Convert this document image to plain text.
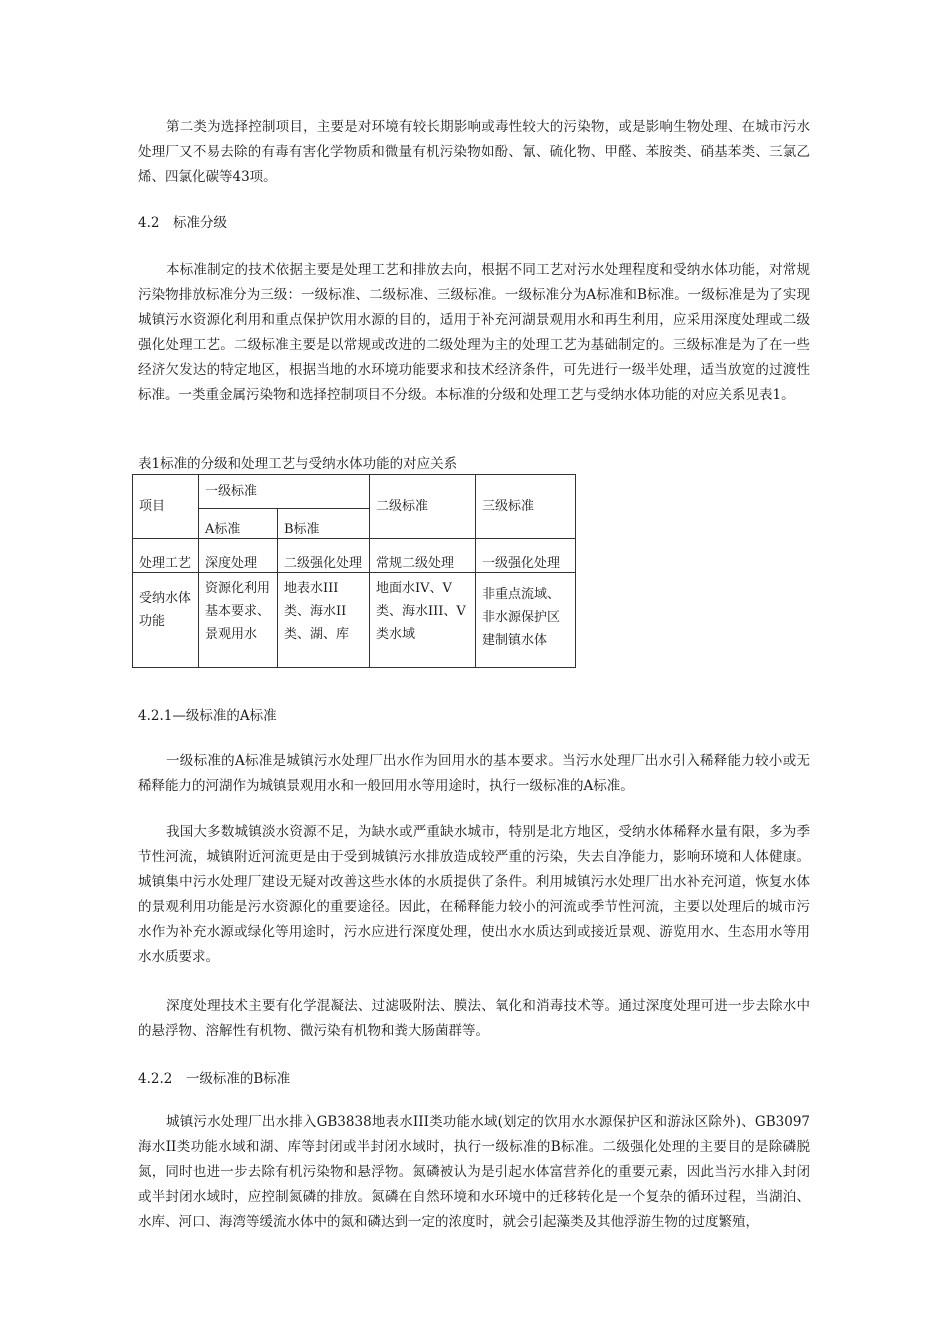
第二类为选择控制项目，主要是对环境有较长期影响或毒性较大的污染物，或是影响生物处理、在城市污水处理厂又不易去除的有毒有害化学物质和微量有机污染物如酚、氰、硫化物、甲醛、苯胺类、硝基苯类、三氯乙烯、四氯化碳等43项。

4.2　标准分级

本标准制定的技术依据主要是处理工艺和排放去向，根据不同工艺对污水处理程度和受纳水体功能，对常规污染物排放标准分为三级：一级标准、二级标准、三级标准。一级标准分为A标准和B标准。一级标准是为了实现城镇污水资源化利用和重点保护饮用水源的目的，适用于补充河湖景观用水和再生利用，应采用深度处理或二级强化处理工艺。二级标准主要是以常规或改进的二级处理为主的处理工艺为基础制定的。三级标准是为了在一些经济欠发达的特定地区，根据当地的水环境功能要求和技术经济条件，可先进行一级半处理，适当放宽的过渡性标准。一类重金属污染物和选择控制项目不分级。本标准的分级和处理工艺与受纳水体功能的对应关系见表1。

表1标准的分级和处理工艺与受纳水体功能的对应关系

项目	一级标准		二级标准	三级标准
	A标准	B标准		
处理工艺	深度处理	二级强化处理	常规二级处理	一级强化处理

受纳水体功能	资源化利用基本要求、景观用水	地表水III类、海水II类、湖、库	地面水IV、V类、海水III、V类水域	非重点流域、非水源保护区建制镇水体

4.2.1—级标准的A标准

一级标准的A标准是城镇污水处理厂出水作为回用水的基本要求。当污水处理厂出水引入稀释能力较小或无稀释能力的河湖作为城镇景观用水和一般回用水等用途时，执行一级标准的A标准。

我国大多数城镇淡水资源不足，为缺水或严重缺水城市，特别是北方地区，受纳水体稀释水量有限，多为季节性河流，城镇附近河流更是由于受到城镇污水排放造成较严重的污染，失去自净能力，影响环境和人体健康。城镇集中污水处理厂建设无疑对改善这些水体的水质提供了条件。利用城镇污水处理厂出水补充河道，恢复水体的景观利用功能是污水资源化的重要途径。因此，在稀释能力较小的河流或季节性河流，主要以处理后的城市污水作为补充水源或绿化等用途时，污水应进行深度处理，使出水水质达到或接近景观、游览用水、生态用水等用水水质要求。

深度处理技术主要有化学混凝法、过滤吸附法、膜法、氧化和消毒技术等。通过深度处理可进一步去除水中的悬浮物、溶解性有机物、微污染有机物和粪大肠菌群等。

4.2.2　一级标准的B标准

城镇污水处理厂出水排入GB3838地表水III类功能水域(划定的饮用水水源保护区和游泳区除外)、GB3097海水II类功能水域和湖、库等封闭或半封闭水域时，执行一级标准的B标准。二级强化处理的主要目的是除磷脱氮，同时也进一步去除有机污染物和悬浮物。氮磷被认为是引起水体富营养化的重要元素，因此当污水排入封闭或半封闭水域时，应控制氮磷的排放。氮磷在自然环境和水环境中的迁移转化是一个复杂的循环过程，当湖泊、水库、河口、海湾等缓流水体中的氮和磷达到一定的浓度时，就会引起藻类及其他浮游生物的过度繁殖，
